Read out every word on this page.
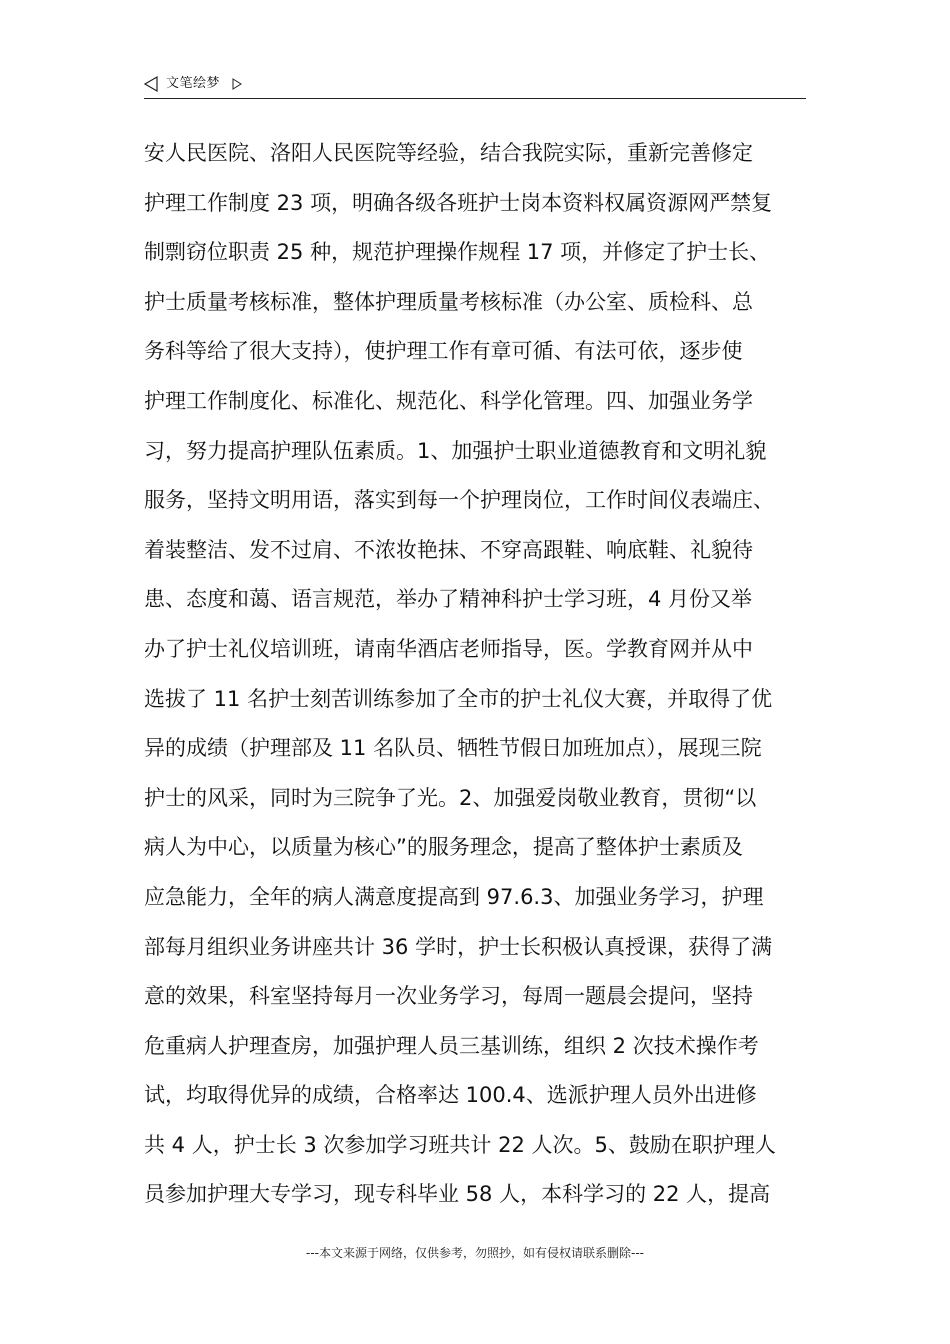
文笔绘梦
安人民医院、洛阳人民医院等经验，结合我院实际，重新完善修定
护理工作制度 23 项，明确各级各班护士岗本资料权属资源网严禁复
制剽窃位职责 25 种，规范护理操作规程 17 项，并修定了护士长、
护士质量考核标准，整体护理质量考核标准（办公室、质检科、总
务科等给了很大支持），使护理工作有章可循、有法可依，逐步使
护理工作制度化、标准化、规范化、科学化管理。四、加强业务学
习，努力提高护理队伍素质。1、加强护士职业道德教育和文明礼貌
服务，坚持文明用语，落实到每一个护理岗位，工作时间仪表端庄、
着装整洁、发不过肩、不浓妆艳抹、不穿高跟鞋、响底鞋、礼貌待
患、态度和蔼、语言规范，举办了精神科护士学习班，4 月份又举
办了护士礼仪培训班，请南华酒店老师指导，医。学教育网并从中
选拔了 11 名护士刻苦训练参加了全市的护士礼仪大赛，并取得了优
异的成绩（护理部及 11 名队员、牺牲节假日加班加点），展现三院
护士的风采，同时为三院争了光。2、加强爱岗敬业教育，贯彻“以
病人为中心，以质量为核心”的服务理念，提高了整体护士素质及
应急能力，全年的病人满意度提高到 97.6.3、加强业务学习，护理
部每月组织业务讲座共计 36 学时，护士长积极认真授课，获得了满
意的效果，科室坚持每月一次业务学习，每周一题晨会提问，坚持
危重病人护理查房，加强护理人员三基训练，组织 2 次技术操作考
试，均取得优异的成绩，合格率达 100.4、选派护理人员外出进修
共 4 人，护士长 3 次参加学习班共计 22 人次。5、鼓励在职护理人
员参加护理大专学习，现专科毕业 58 人，本科学习的 22 人，提高
---本文来源于网络，仅供参考，勿照抄，如有侵权请联系删除---
